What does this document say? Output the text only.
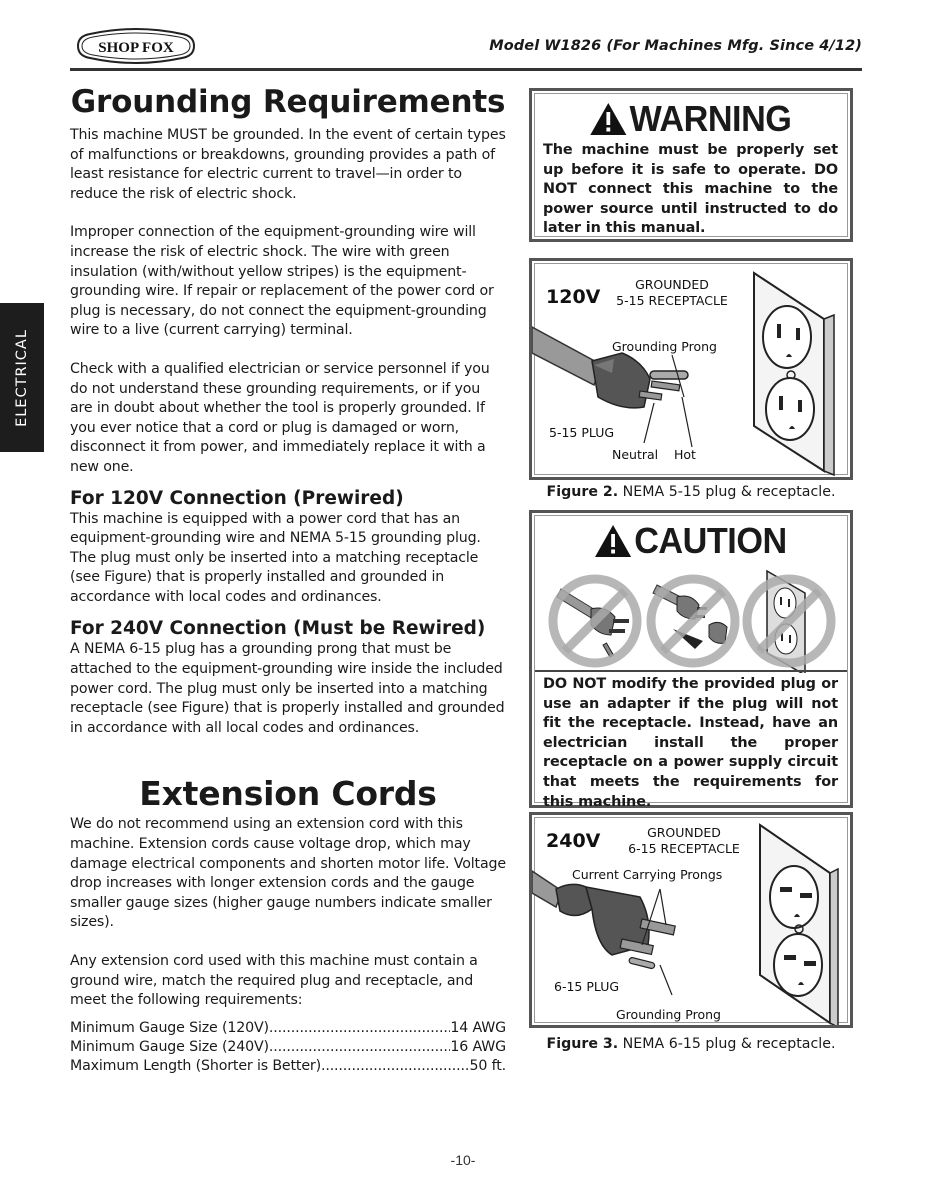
SHOP FOX	Model W1826 (For Machines Mfg. Since 4/12)
ELECTRICAL
Grounding Requirements

This machine MUST be grounded. In the event of certain types of malfunctions or breakdowns, grounding provides a path of least resistance for electric current to travel—in order to reduce the risk of electric shock.

Improper connection of the equipment-grounding wire will increase the risk of electric shock. The wire with green insulation (with/without yellow stripes) is the equipment-grounding wire. If repair or replacement of the power cord or plug is necessary, do not connect the equipment-grounding wire to a live (current carrying) terminal.

Check with a qualified electrician or service personnel if you do not understand these grounding requirements, or if you are in doubt about whether the tool is properly grounded. If you ever notice that a cord or plug is damaged or worn, disconnect it from power, and immediately replace it with a new one.

For 120V Connection (Prewired)

This machine is equipped with a power cord that has an equipment-grounding wire and NEMA 5-15 grounding plug. The plug must only be inserted into a matching receptacle (see Figure) that is properly installed and grounded in accordance with local codes and ordinances.

For 240V Connection (Must be Rewired)

A NEMA 6-15 plug has a grounding prong that must be attached to the equipment-grounding wire inside the included power cord. The plug must only be inserted into a matching receptacle (see Figure) that is properly installed and grounded in accordance with all local codes and ordinances.

Extension Cords

We do not recommend using an extension cord with this machine. Extension cords cause voltage drop, which may damage electrical components and shorten motor life. Voltage drop increases with longer extension cords and the gauge smaller gauge sizes (higher gauge numbers indicate smaller sizes).

Any extension cord used with this machine must contain a ground wire, match the required plug and receptacle, and meet the following requirements:

Minimum Gauge Size (120V) .....	14 AWG
Minimum Gauge Size (240V) .....	16 AWG
Maximum Length (Shorter is Better) .....	50 ft.
WARNING
The machine must be properly set up before it is safe to operate. DO NOT connect this machine to the power source until instructed to do later in this manual.
120V
GROUNDED
5-15 RECEPTACLE
Grounding Prong
5-15 PLUG
Neutral Hot
Figure 2. NEMA 5-15 plug & receptacle.
CAUTION
DO NOT modify the provided plug or use an adapter if the plug will not fit the receptacle. Instead, have an electrician install the proper receptacle on a power supply circuit that meets the requirements for this machine.
240V	GROUNDED
6-15 RECEPTACLE
Current Carrying Prongs
6-15 PLUG
Grounding Prong
Figure 3. NEMA 6-15 plug & receptacle.
-10-
